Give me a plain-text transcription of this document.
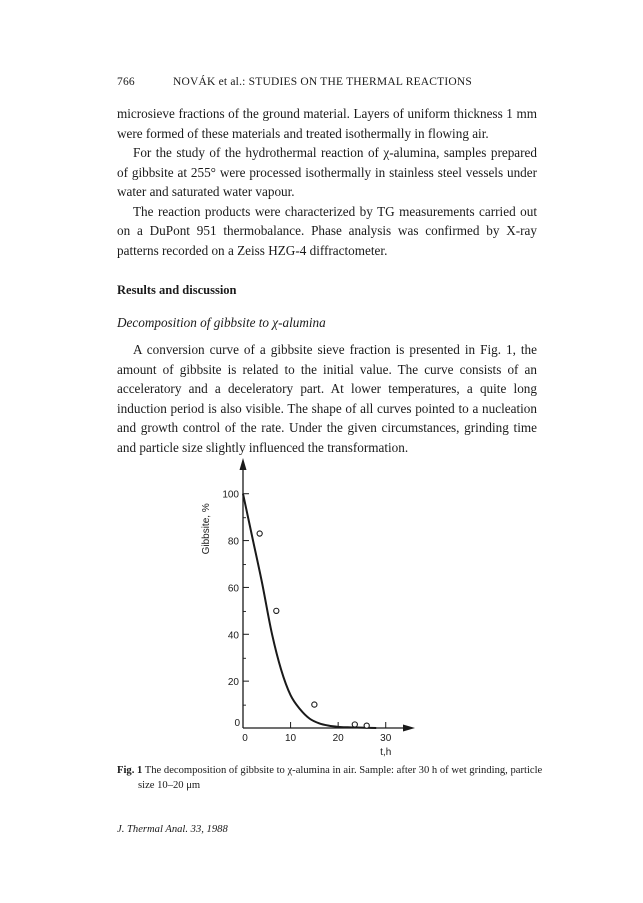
766	NOVÁK et al.: STUDIES ON THE THERMAL REACTIONS

microsieve fractions of the ground material. Layers of uniform thickness 1 mm were formed of these materials and treated isothermally in flowing air.

For the study of the hydrothermal reaction of χ-alumina, samples prepared of gibbsite at 255° were processed isothermally in stainless steel vessels under water and saturated water vapour.

The reaction products were characterized by TG measurements carried out on a DuPont 951 thermobalance. Phase analysis was confirmed by X-ray patterns recorded on a Zeiss HZG-4 diffractometer.

Results and discussion
Decomposition of gibbsite to χ-alumina

A conversion curve of a gibbsite sieve fraction is presented in Fig. 1, the amount of gibbsite is related to the initial value. The curve consists of an acceleratory and a deceleratory part. At lower temperatures, a quite long induction period is also visible. The shape of all curves pointed to a nucleation and growth control of the rate. Under the given circumstances, grinding time and particle size slightly influenced the transformation.

0
20
40
60
80
100
0	10	20	30
t,h
Gibbsite, %
Fig. 1 The decomposition of gibbsite to χ-alumina in air. Sample: after 30 h of wet grinding, particle
size 10–20 μm
J. Thermal Anal. 33, 1988
